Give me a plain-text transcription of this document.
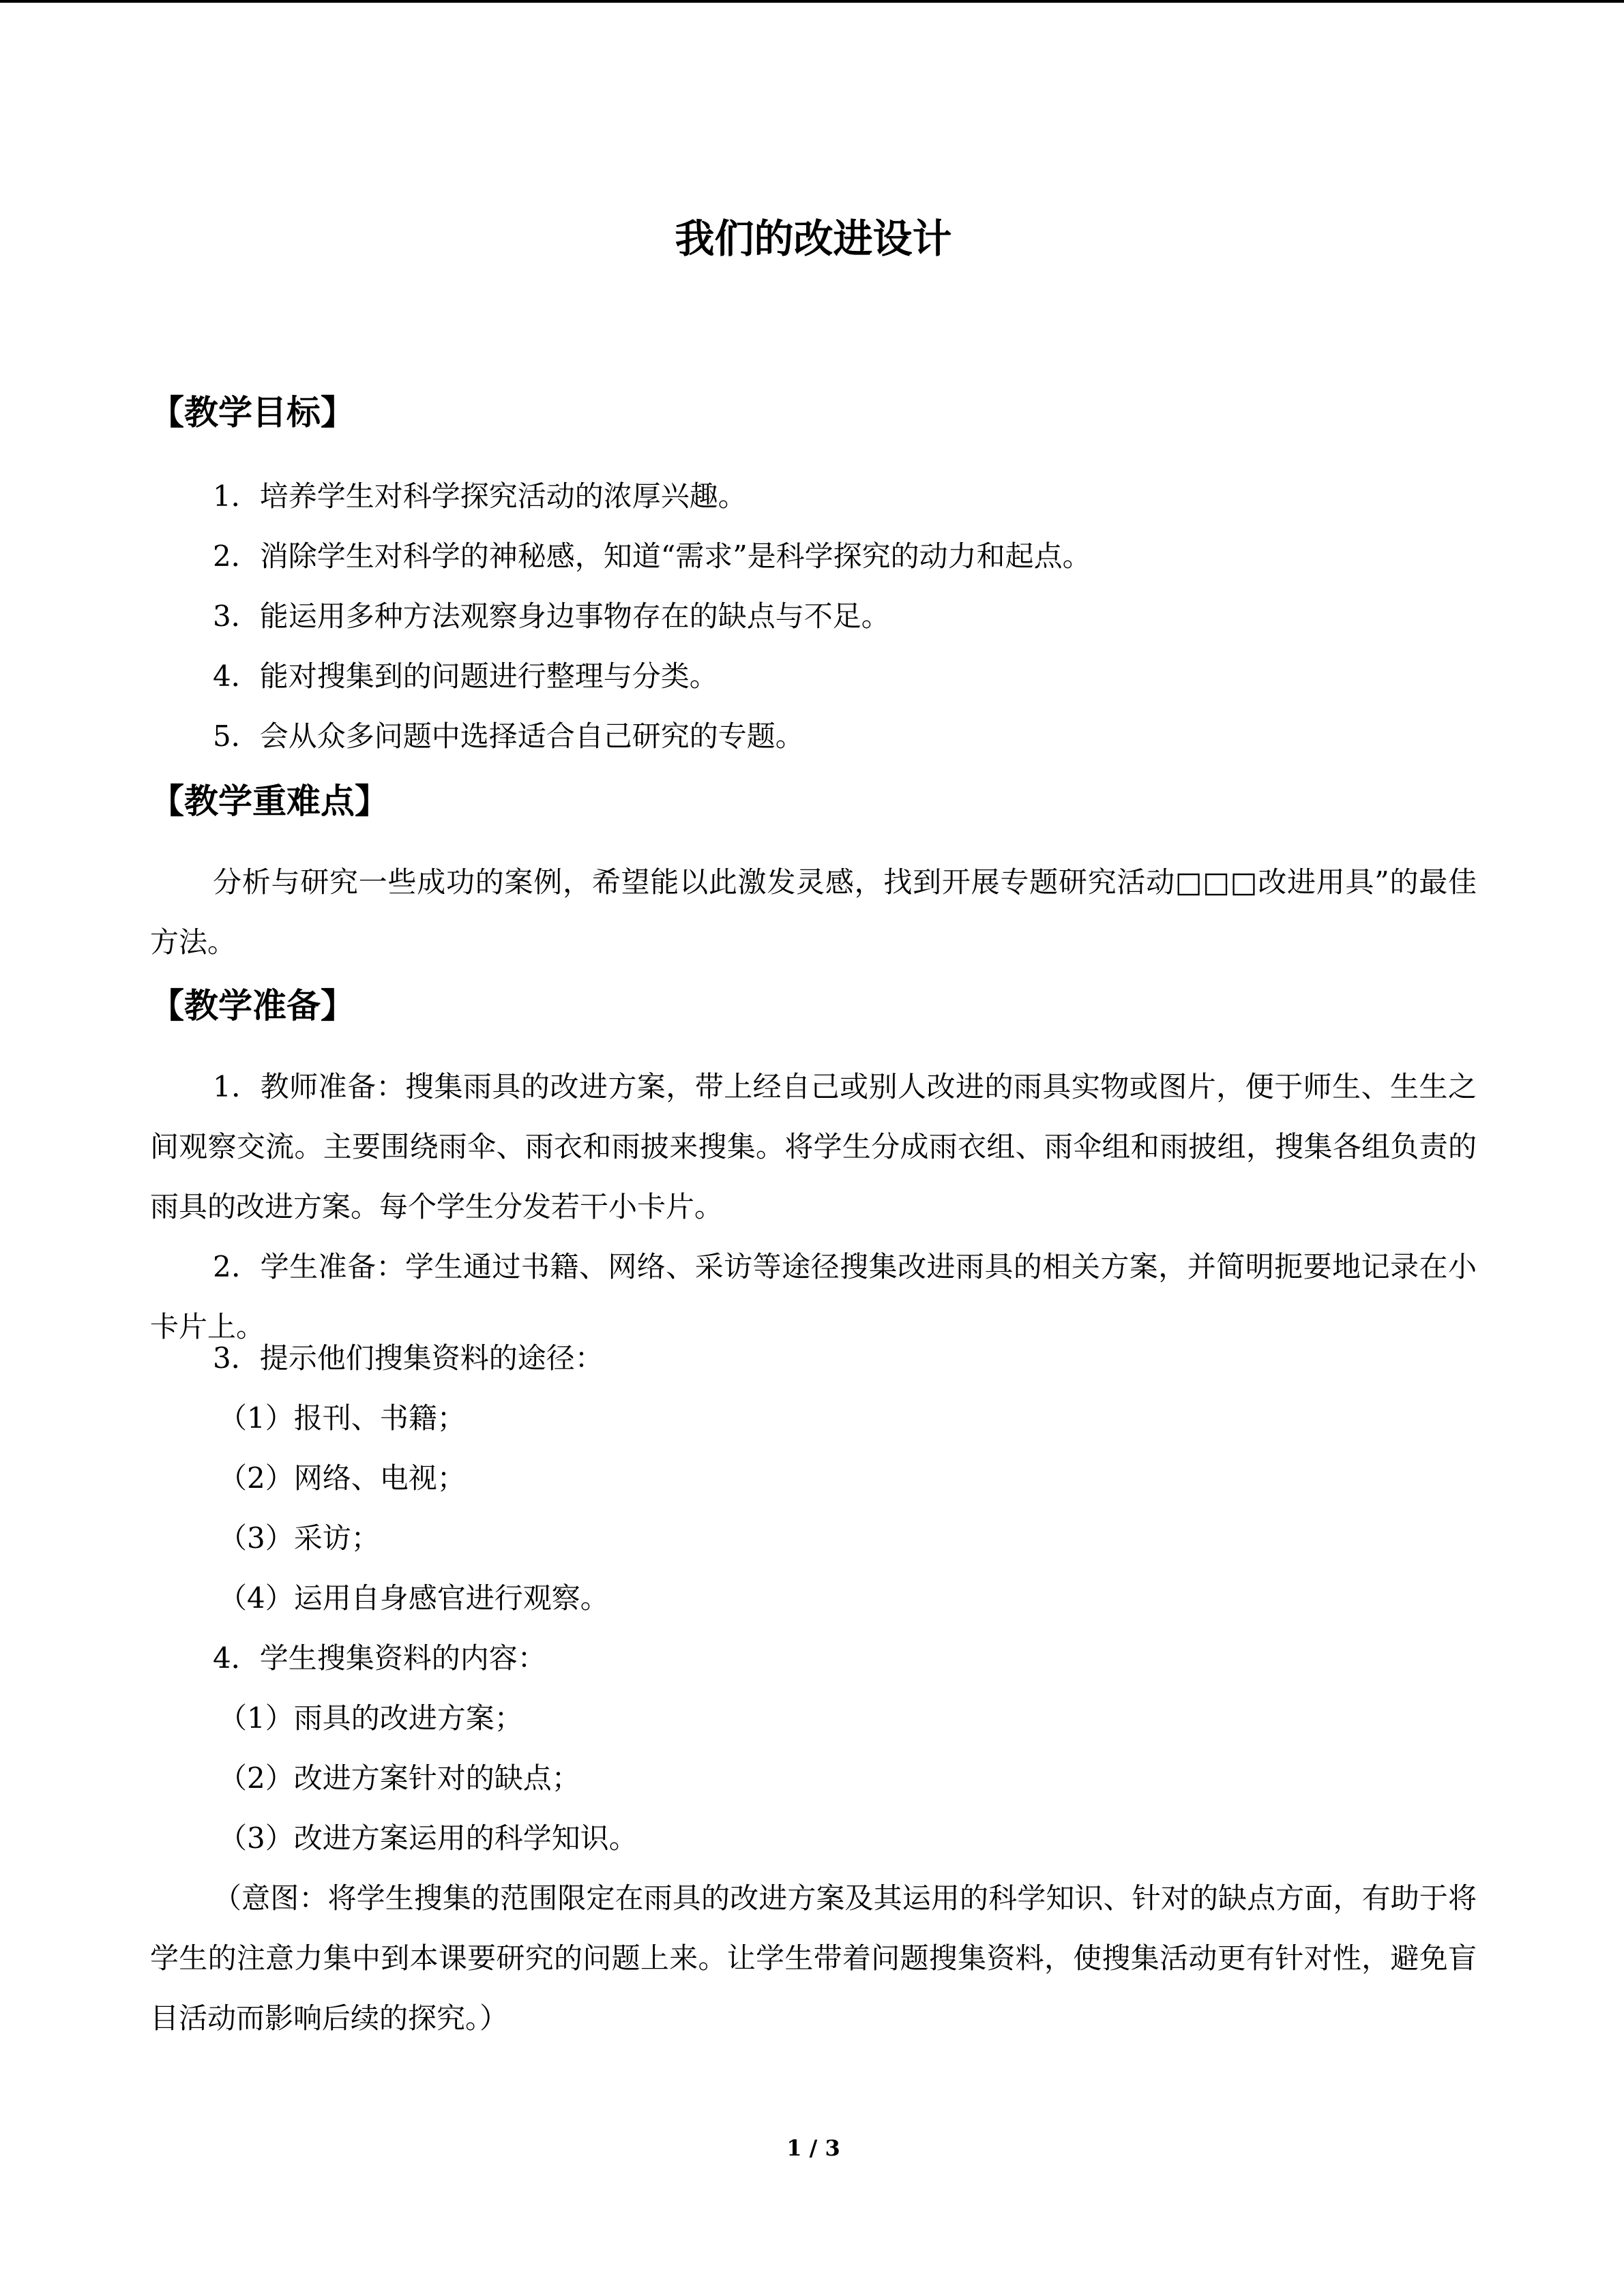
我们的改进设计
【教学目标】
1．培养学生对科学探究活动的浓厚兴趣。
2．消除学生对科学的神秘感，知道“需求”是科学探究的动力和起点。
3．能运用多种方法观察身边事物存在的缺点与不足。
4．能对搜集到的问题进行整理与分类。
5．会从众多问题中选择适合自己研究的专题。
【教学重难点】
分析与研究一些成功的案例，希望能以此激发灵感，找到开展专题研究活动□□□改进用具”的最佳方法。
【教学准备】
1．教师准备：搜集雨具的改进方案，带上经自己或别人改进的雨具实物或图片，便于师生、生生之间观察交流。主要围绕雨伞、雨衣和雨披来搜集。将学生分成雨衣组、雨伞组和雨披组，搜集各组负责的雨具的改进方案。每个学生分发若干小卡片。
2．学生准备：学生通过书籍、网络、采访等途径搜集改进雨具的相关方案，并简明扼要地记录在小卡片上。
3．提示他们搜集资料的途径：
（1）报刊、书籍；
（2）网络、电视；
（3）采访；
（4）运用自身感官进行观察。
4．学生搜集资料的内容：
（1）雨具的改进方案；
（2）改进方案针对的缺点；
（3）改进方案运用的科学知识。
（意图：将学生搜集的范围限定在雨具的改进方案及其运用的科学知识、针对的缺点方面，有助于将学生的注意力集中到本课要研究的问题上来。让学生带着问题搜集资料，使搜集活动更有针对性，避免盲目活动而影响后续的探究。）
1 / 3
